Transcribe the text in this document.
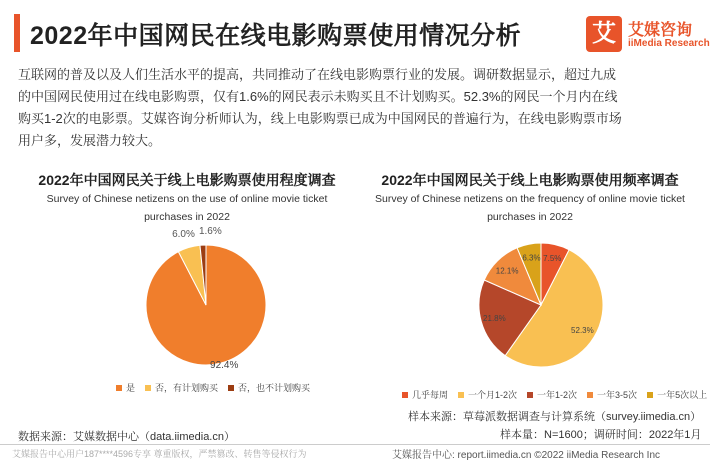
2022年中国网民在线电影购票使用情况分析	艾 艾媒咨询
iiMedia Research

互联网的普及以及人们生活水平的提高，共同推动了在线电影购票行业的发展。调研数据显示，超过九成

的中国网民使用过在线电影购票，仅有1.6%的网民表示未购买且不计划购买。52.3%的网民一个月内在线

购买1-2次的电影票。艾媒咨询分析师认为，线上电影购票已成为中国网民的普遍行为，在线电影购票市场

用户多，发展潜力较大。

2022年中国网民关于线上电影购票使用程度调查
Survey of Chinese netizens on the use of online movie ticket
purchases in 2022
2022年中国网民关于线上电影购票使用频率调查
Survey of Chinese netizens on the frequency of online movie ticket
purchases in 2022
92.4%
6.0% 1.6%
7.5%
52.3%
21.8%
12.1%
6.3%
是 否，有计划购买 否，也不计划购买
几乎每周 一个月1-2次 一年1-2次 一年3-5次 一年5次以上
数据来源：艾媒数据中心（data.iimedia.cn）
样本来源：草莓派数据调查与计算系统（survey.iimedia.cn）
样本量：N=1600；调研时间：2022年1月
艾媒报告中心用户187****4596专享 尊重版权，严禁篡改、转售等侵权行为	艾媒报告中心: report.iimedia.cn ©2022 iiMedia Research Inc
